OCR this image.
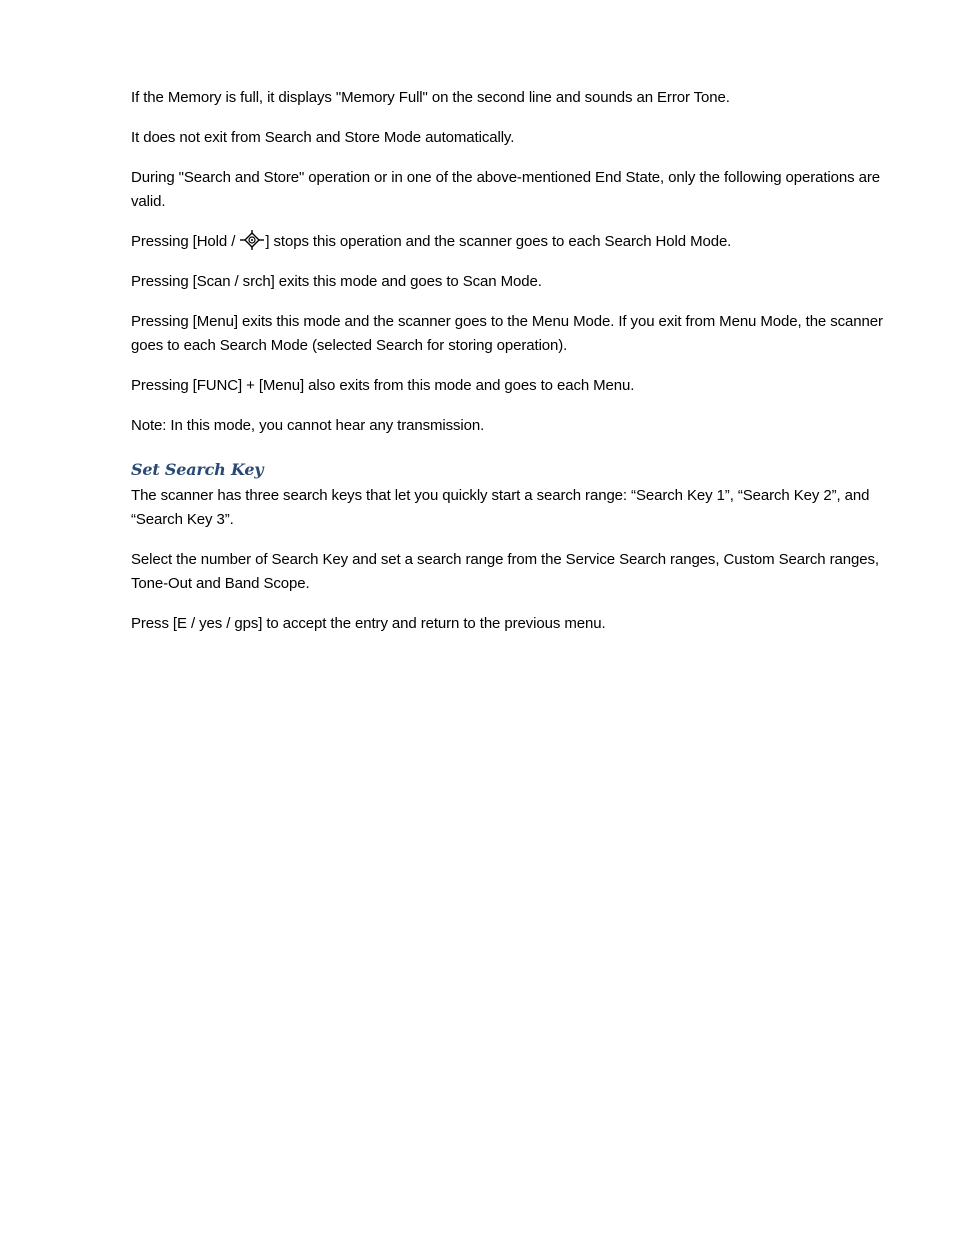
If the Memory is full, it displays "Memory Full" on the second line and sounds an Error Tone.

It does not exit from Search and Store Mode automatically.

During "Search and Store" operation or in one of the above-mentioned End State, only the following operations are valid.

Pressing [Hold / ] stops this operation and the scanner goes to each Search Hold Mode.

Pressing [Scan / srch] exits this mode and goes to Scan Mode.

Pressing [Menu] exits this mode and the scanner goes to the Menu Mode. If you exit from Menu Mode, the scanner goes to each Search Mode (selected Search for storing operation).

Pressing [FUNC] + [Menu] also exits from this mode and goes to each Menu.

Note: In this mode, you cannot hear any transmission.

Set Search Key

The scanner has three search keys that let you quickly start a search range: “Search Key 1”, “Search Key 2”, and “Search Key 3”.

Select the number of Search Key and set a search range from the Service Search ranges, Custom Search ranges, Tone-Out and Band Scope.

Press [E / yes / gps] to accept the entry and return to the previous menu.
